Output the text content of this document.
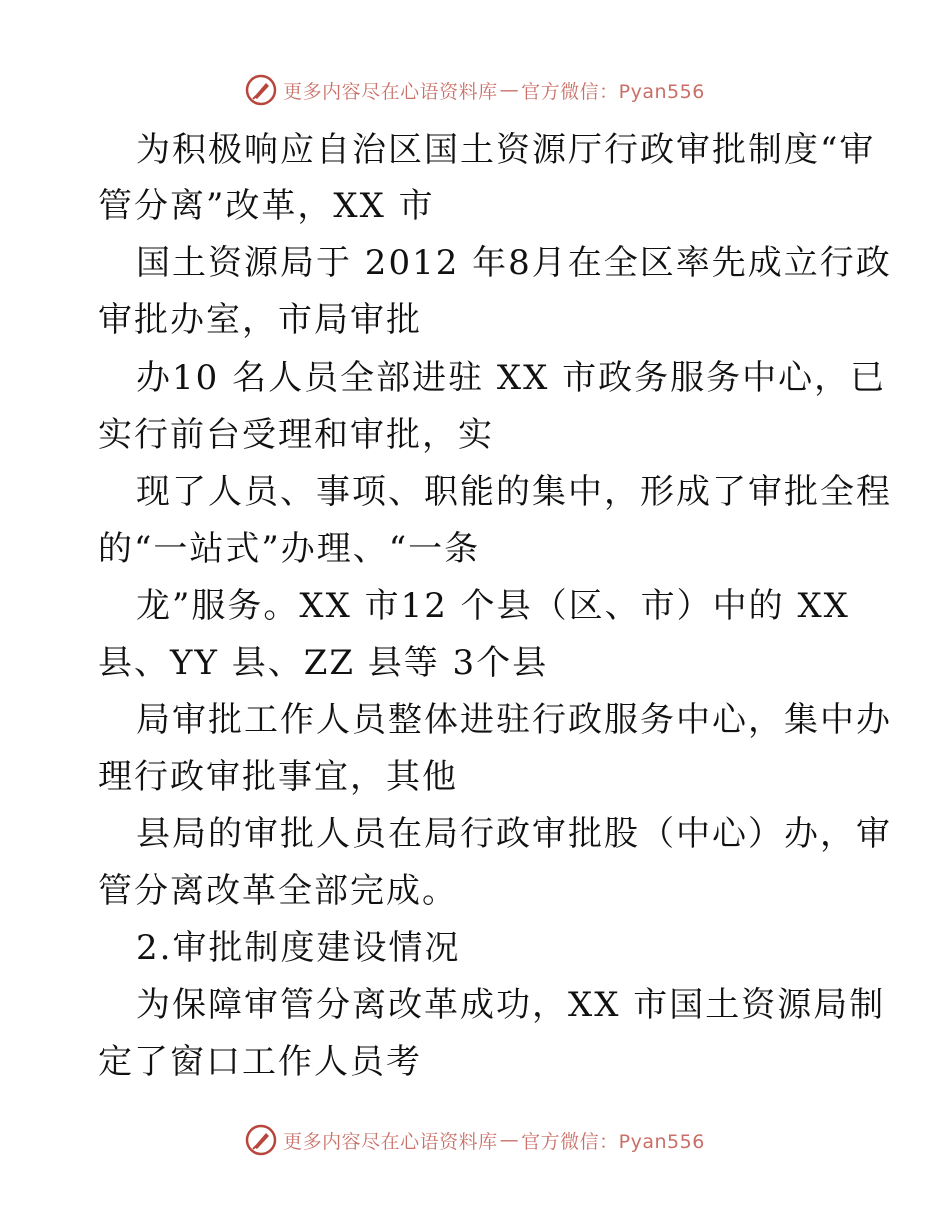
更多内容尽在心语资料库 — 官方微信：Pyan556
为积极响应自治区国土资源厅行政审批制度“审
管分离”改革，XX 市
国土资源局于 2012 年8月在全区率先成立行政
审批办室，市局审批
办10 名人员全部进驻 XX 市政务服务中心，已
实行前台受理和审批，实
现了人员、事项、职能的集中，形成了审批全程
的“一站式”办理、“一条
龙”服务。XX 市12 个县（区、市）中的 XX
县、YY 县、ZZ 县等 3个县
局审批工作人员整体进驻行政服务中心，集中办
理行政审批事宜，其他
县局的审批人员在局行政审批股（中心）办，审
管分离改革全部完成。
2.审批制度建设情况
为保障审管分离改革成功，XX 市国土资源局制
定了窗口工作人员考
更多内容尽在心语资料库 — 官方微信：Pyan556
